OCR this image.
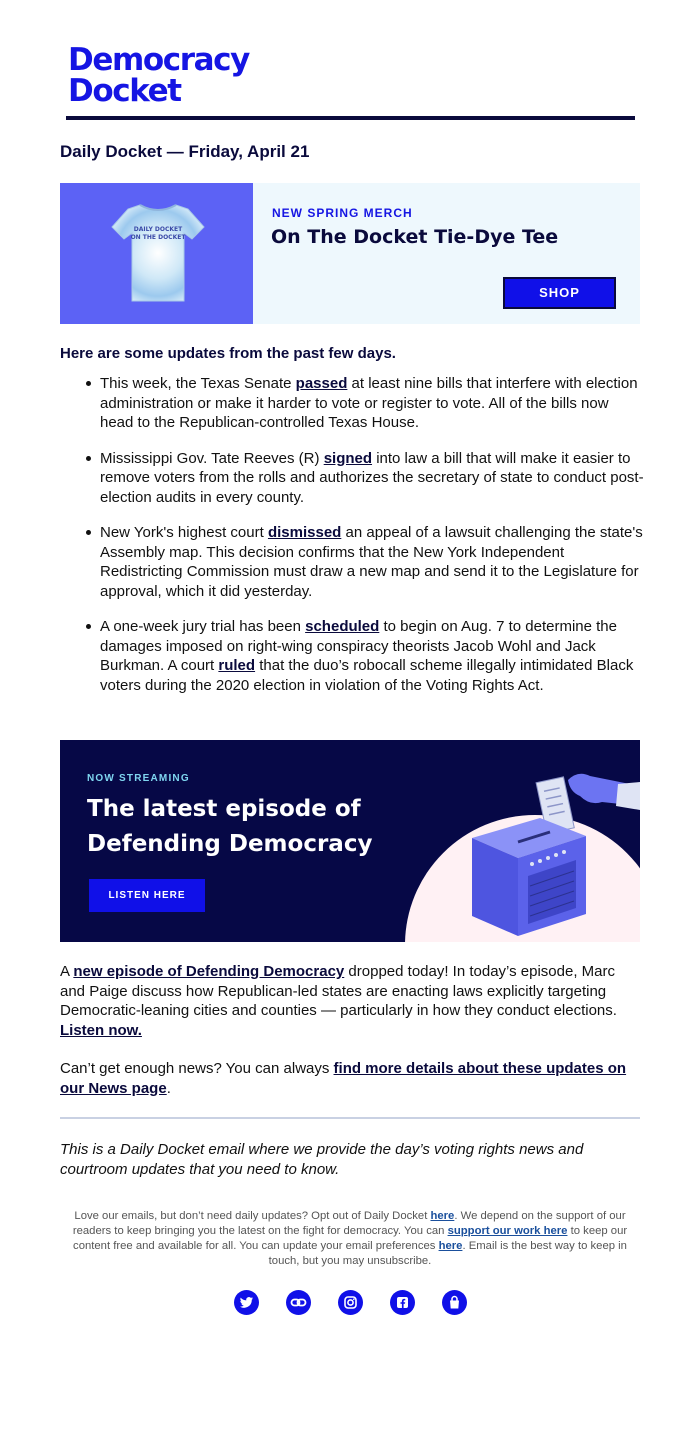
Democracy
Docket
Daily Docket — Friday, April 21
DAILY DOCKET
ON THE DOCKET
NEW SPRING MERCH
On The Docket Tie-Dye Tee
SHOP
Here are some updates from the past few days.
This week, the Texas Senate passed at least nine bills that interfere with election administration or make it harder to vote or register to vote. All of the bills now head to the Republican-controlled Texas House.
Mississippi Gov. Tate Reeves (R) signed into law a bill that will make it easier to remove voters from the rolls and authorizes the secretary of state to conduct post-election audits in every county.
New York's highest court dismissed an appeal of a lawsuit challenging the state's Assembly map. This decision confirms that the New York Independent Redistricting Commission must draw a new map and send it to the Legislature for approval, which it did yesterday.
A one-week jury trial has been scheduled to begin on Aug. 7 to determine the damages imposed on right-wing conspiracy theorists Jacob Wohl and Jack Burkman. A court ruled that the duo’s robocall scheme illegally intimidated Black voters during the 2020 election in violation of the Voting Rights Act.
NOW STREAMING
The latest episode of Defending Democracy
LISTEN HERE
A new episode of Defending Democracy dropped today! In today’s episode, Marc and Paige discuss how Republican-led states are enacting laws explicitly targeting Democratic-leaning cities and counties — particularly in how they conduct elections. Listen now.
Can’t get enough news? You can always find more details about these updates on our News page.
This is a Daily Docket email where we provide the day’s voting rights news and courtroom updates that you need to know.
Love our emails, but don’t need daily updates? Opt out of Daily Docket here. We depend on the support of our readers to keep bringing you the latest on the fight for democracy. You can support our work here to keep our content free and available for all. You can update your email preferences here. Email is the best way to keep in touch, but you may unsubscribe.
